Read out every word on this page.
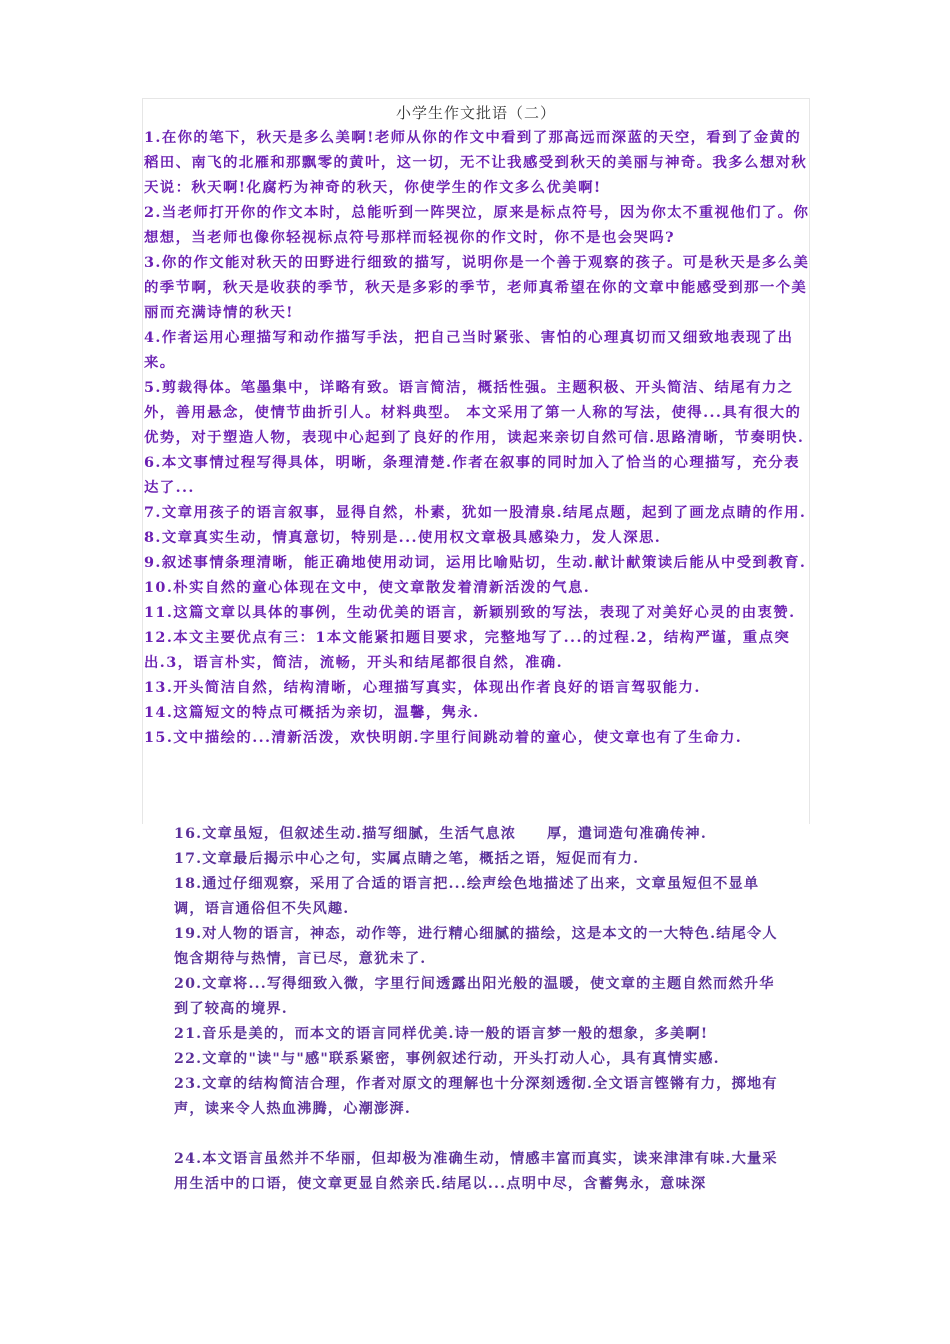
小学生作文批语（二）

1.在你的笔下，秋天是多么美啊!老师从你的作文中看到了那高远而深蓝的天空，看到了金黄的稻田、南飞的北雁和那飘零的黄叶，这一切，无不让我感受到秋天的美丽与神奇。我多么想对秋天说：秋天啊!化腐朽为神奇的秋天，你使学生的作文多么优美啊!

2.当老师打开你的作文本时，总能听到一阵哭泣，原来是标点符号，因为你太不重视他们了。你想想，当老师也像你轻视标点符号那样而轻视你的作文时，你不是也会哭吗?

3.你的作文能对秋天的田野进行细致的描写，说明你是一个善于观察的孩子。可是秋天是多么美的季节啊，秋天是收获的季节，秋天是多彩的季节，老师真希望在你的文章中能感受到那一个美丽而充满诗情的秋天!

4.作者运用心理描写和动作描写手法，把自己当时紧张、害怕的心理真切而又细致地表现了出来。

5.剪裁得体。笔墨集中，详略有致。语言简洁，概括性强。主题积极、开头简洁、结尾有力之外，善用悬念，使情节曲折引人。材料典型。 本文采用了第一人称的写法，使得...具有很大的优势，对于塑造人物，表现中心起到了良好的作用，读起来亲切自然可信.思路清晰，节奏明快.

6.本文事情过程写得具体，明晰，条理清楚.作者在叙事的同时加入了恰当的心理描写，充分表达了...

7.文章用孩子的语言叙事，显得自然，朴素，犹如一股清泉.结尾点题，起到了画龙点睛的作用.

8.文章真实生动，情真意切，特别是...使用权文章极具感染力，发人深思.

9.叙述事情条理清晰，能正确地使用动词，运用比喻贴切，生动.献计献策读后能从中受到教育.

10.朴实自然的童心体现在文中，使文章散发着清新活泼的气息.

11.这篇文章以具体的事例，生动优美的语言，新颖别致的写法，表现了对美好心灵的由衷赞.

12.本文主要优点有三：1本文能紧扣题目要求，完整地写了...的过程.2，结构严谨，重点突出.3，语言朴实，简洁，流畅，开头和结尾都很自然，准确.

13.开头简洁自然，结构清晰，心理描写真实，体现出作者良好的语言驾驭能力.

14.这篇短文的特点可概括为亲切，温馨，隽永.

15.文中描绘的...清新活泼，欢快明朗.字里行间跳动着的童心，使文章也有了生命力.

16.文章虽短，但叙述生动.描写细腻，生活气息浓　　厚，遣词造句准确传神.

17.文章最后揭示中心之句，实属点睛之笔，概括之语，短促而有力.

18.通过仔细观察，采用了合适的语言把...绘声绘色地描述了出来，文章虽短但不显单调，语言通俗但不失风趣.

19.对人物的语言，神态，动作等，进行精心细腻的描绘，这是本文的一大特色.结尾令人饱含期待与热情，言已尽，意犹未了.

20.文章将...写得细致入微，字里行间透露出阳光般的温暖，使文章的主题自然而然升华到了较高的境界.

21.音乐是美的，而本文的语言同样优美.诗一般的语言梦一般的想象，多美啊!

22.文章的"读"与"感"联系紧密，事例叙述行动，开头打动人心，具有真情实感.

23.文章的结构简洁合理，作者对原文的理解也十分深刻透彻.全文语言铿锵有力，掷地有声，读来令人热血沸腾，心潮澎湃.

24.本文语言虽然并不华丽，但却极为准确生动，情感丰富而真实，读来津津有味.大量采用生活中的口语，使文章更显自然亲氏.结尾以...点明中尽，含蓄隽永，意味深
